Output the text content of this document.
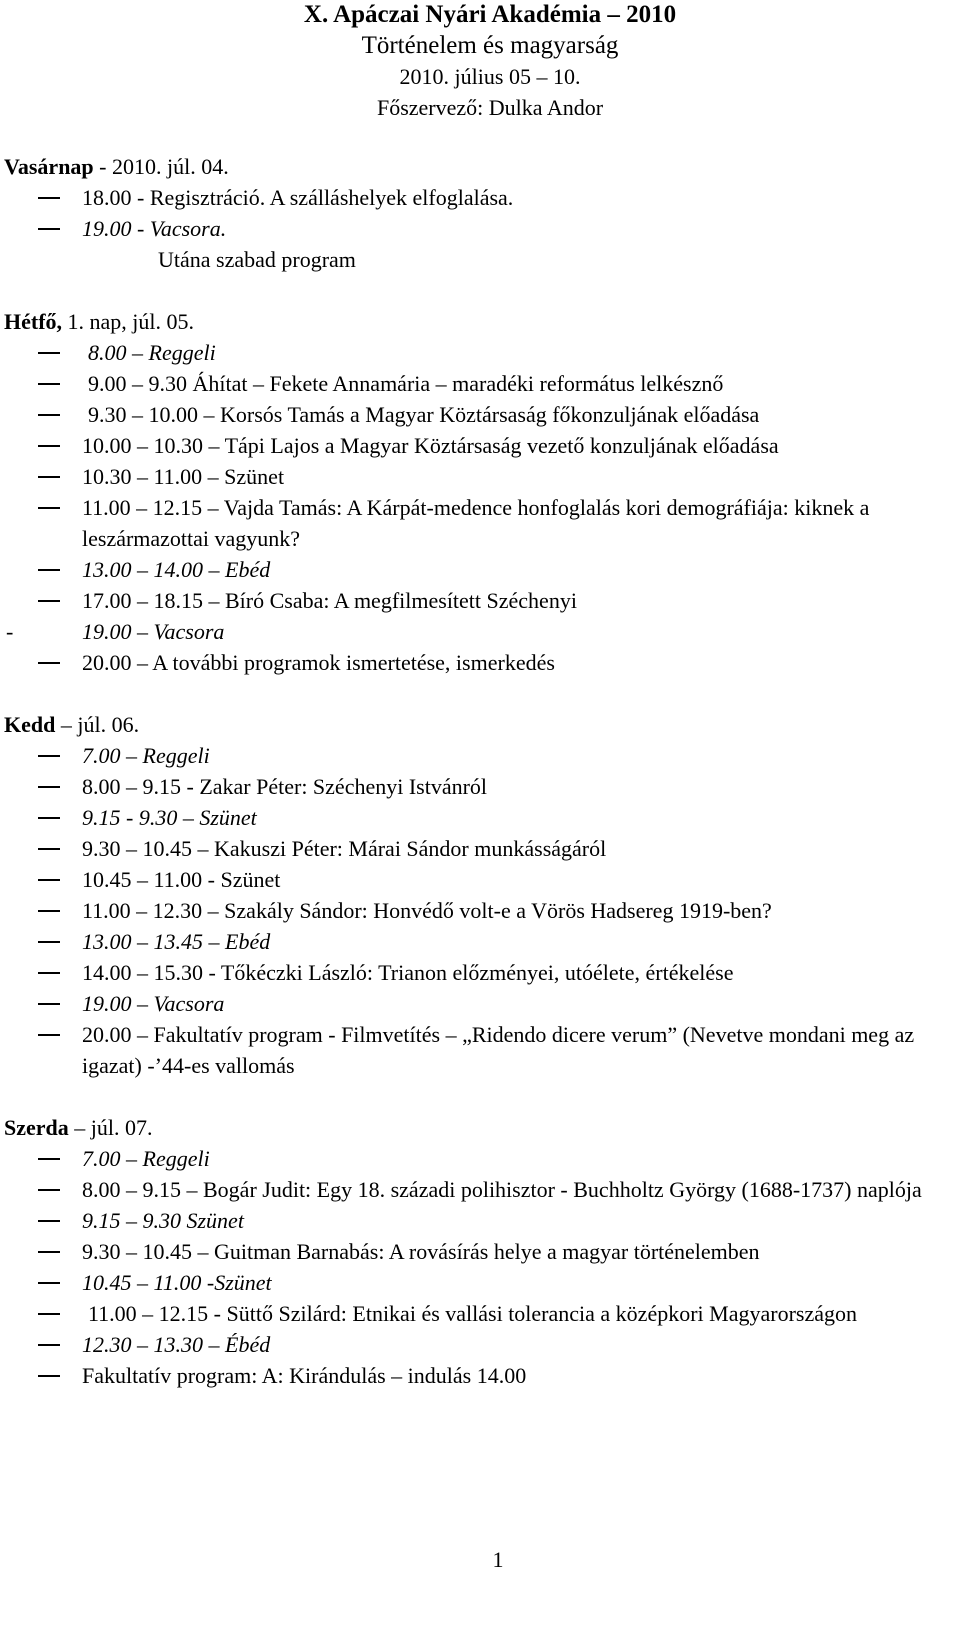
X. Apáczai Nyári Akadémia – 2010
Történelem és magyarság
2010. július 05 – 10.
Főszervező: Dulka Andor
Vasárnap - 2010. júl. 04.
18.00 - Regisztráció. A szálláshelyek elfoglalása.
19.00 - Vacsora.
Utána szabad program
Hétfő, 1. nap, júl. 05.
8.00 – Reggeli
9.00 – 9.30 Áhítat – Fekete Annamária – maradéki református lelkésznő
9.30 – 10.00 – Korsós Tamás a Magyar Köztársaság főkonzuljának előadása
10.00 – 10.30 – Tápi Lajos a Magyar Köztársaság vezető konzuljának előadása
10.30 – 11.00 – Szünet
11.00 – 12.15 – Vajda Tamás: A Kárpát-medence honfoglalás kori demográfiája: kiknek a leszármazottai vagyunk?
13.00 – 14.00 – Ebéd
17.00 – 18.15 – Bíró Csaba: A megfilmesített Széchenyi
-	19.00 – Vacsora
20.00 – A további programok ismertetése, ismerkedés
Kedd – júl. 06.
7.00 – Reggeli
8.00 – 9.15 - Zakar Péter: Széchenyi Istvánról
9.15 - 9.30 – Szünet
9.30 – 10.45 – Kakuszi Péter: Márai Sándor munkásságáról
10.45 – 11.00 - Szünet
11.00 – 12.30 – Szakály Sándor: Honvédő volt-e a Vörös Hadsereg 1919-ben?
13.00 – 13.45 – Ebéd
14.00 – 15.30 - Tőkéczki László: Trianon előzményei, utóélete, értékelése
19.00 – Vacsora
20.00 – Fakultatív program - Filmvetítés – „Ridendo dicere verum” (Nevetve mondani meg az igazat) -’44-es vallomás
Szerda – júl. 07.
7.00 – Reggeli
8.00 – 9.15 – Bogár Judit: Egy 18. századi polihisztor - Buchholtz György (1688-1737) naplója
9.15 – 9.30 Szünet
9.30 – 10.45 – Guitman Barnabás: A rovásírás helye a magyar történelemben
10.45 – 11.00 -Szünet
11.00 – 12.15 - Süttő Szilárd: Etnikai és vallási tolerancia a középkori Magyarországon
12.30 – 13.30 – Ébéd
Fakultatív program: A: Kirándulás – indulás 14.00
1
